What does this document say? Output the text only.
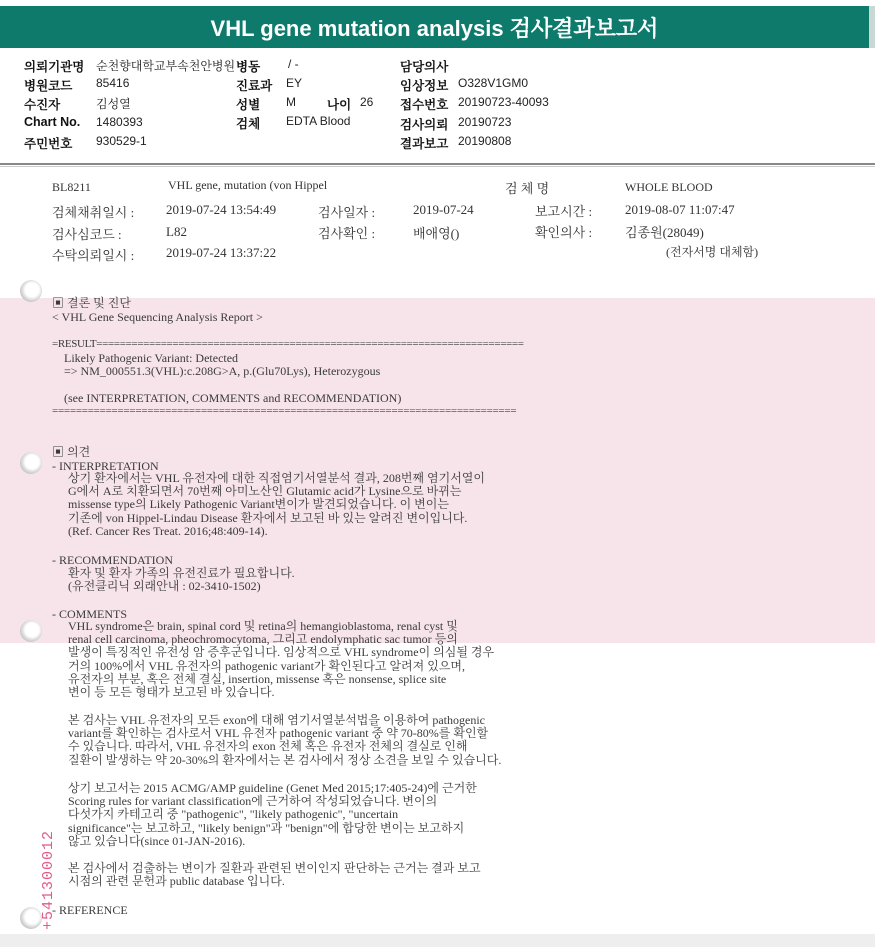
VHL gene mutation analysis 검사결과보고서
의뢰기관명 순천향대학교부속천안병원 병동 / -	담당의사
병원코드 85416	진료과 EY	임상정보 O328V1GM0
수진자	김성열	성별 M 나이 26 접수번호 20190723-40093
Chart No. 1480393	검체 EDTA Blood	검사의뢰 20190723
주민번호 930529-1	결과보고 20190808
BL8211	VHL gene, mutation (von Hippel	검 체 명	WHOLE BLOOD
검체채취일시 : 2019-07-24 13:54:49	검사일자 :	2019-07-24	보고시간 :	2019-08-07 11:07:47
검사심코드 :	L82	검사확인 :	배애영()	확인의사 :	김종원(28049)
수탁의뢰일시 : 2019-07-24 13:37:22	(전자서명 대체함)
▣ 결론 및 진단
< VHL Gene Sequencing Analysis Report >
=RESULT=========================================================================
Likely Pathogenic Variant: Detected
=> NM_000551.3(VHL):c.208G>A, p.(Glu70Lys), Heterozygous
(see INTERPRETATION, COMMENTS and RECOMMENDATION)
==============================================================================
▣ 의견
- INTERPRETATION
상기 환자에서는 VHL 유전자에 대한 직접염기서열분석 결과, 208번째 염기서열이
G에서 A로 치환되면서 70번째 아미노산인 Glutamic acid가 Lysine으로 바뀌는
missense type의 Likely Pathogenic Variant변이가 발견되었습니다. 이 변이는
기존에 von Hippel-Lindau Disease 환자에서 보고된 바 있는 알려진 변이입니다.
(Ref. Cancer Res Treat. 2016;48:409-14).
- RECOMMENDATION
환자 및 환자 가족의 유전진료가 필요합니다.
(유전클리닉 외래안내 : 02-3410-1502)
- COMMENTS
VHL syndrome은 brain, spinal cord 및 retina의 hemangioblastoma, renal cyst 및
renal cell carcinoma, pheochromocytoma, 그리고 endolymphatic sac tumor 등의
발생이 특징적인 유전성 암 증후군입니다. 임상적으로 VHL syndrome이 의심될 경우
거의 100%에서 VHL 유전자의 pathogenic variant가 확인된다고 알려져 있으며,
유전자의 부분, 혹은 전체 결실, insertion, missense 혹은 nonsense, splice site
변이 등 모든 형태가 보고된 바 있습니다.
본 검사는 VHL 유전자의 모든 exon에 대해 염기서열분석법을 이용하여 pathogenic
variant를 확인하는 검사로서 VHL 유전자 pathogenic variant 중 약 70-80%를 확인할
수 있습니다. 따라서, VHL 유전자의 exon 전체 혹은 유전자 전체의 결실로 인해
질환이 발생하는 약 20-30%의 환자에서는 본 검사에서 정상 소견을 보일 수 있습니다.
상기 보고서는 2015 ACMG/AMP guideline (Genet Med 2015;17:405-24)에 근거한
Scoring rules for variant classification에 근거하여 작성되었습니다. 변이의
다섯가지 카테고리 중 "pathogenic", "likely pathogenic", "uncertain
significance"는 보고하고, "likely benign"과 "benign"에 합당한 변이는 보고하지
않고 있습니다(since 01-JAN-2016).
본 검사에서 검출하는 변이가 질환과 관련된 변이인지 판단하는 근거는 결과 보고
시점의 관련 문헌과 public database 입니다.
- REFERENCE
+541300012
